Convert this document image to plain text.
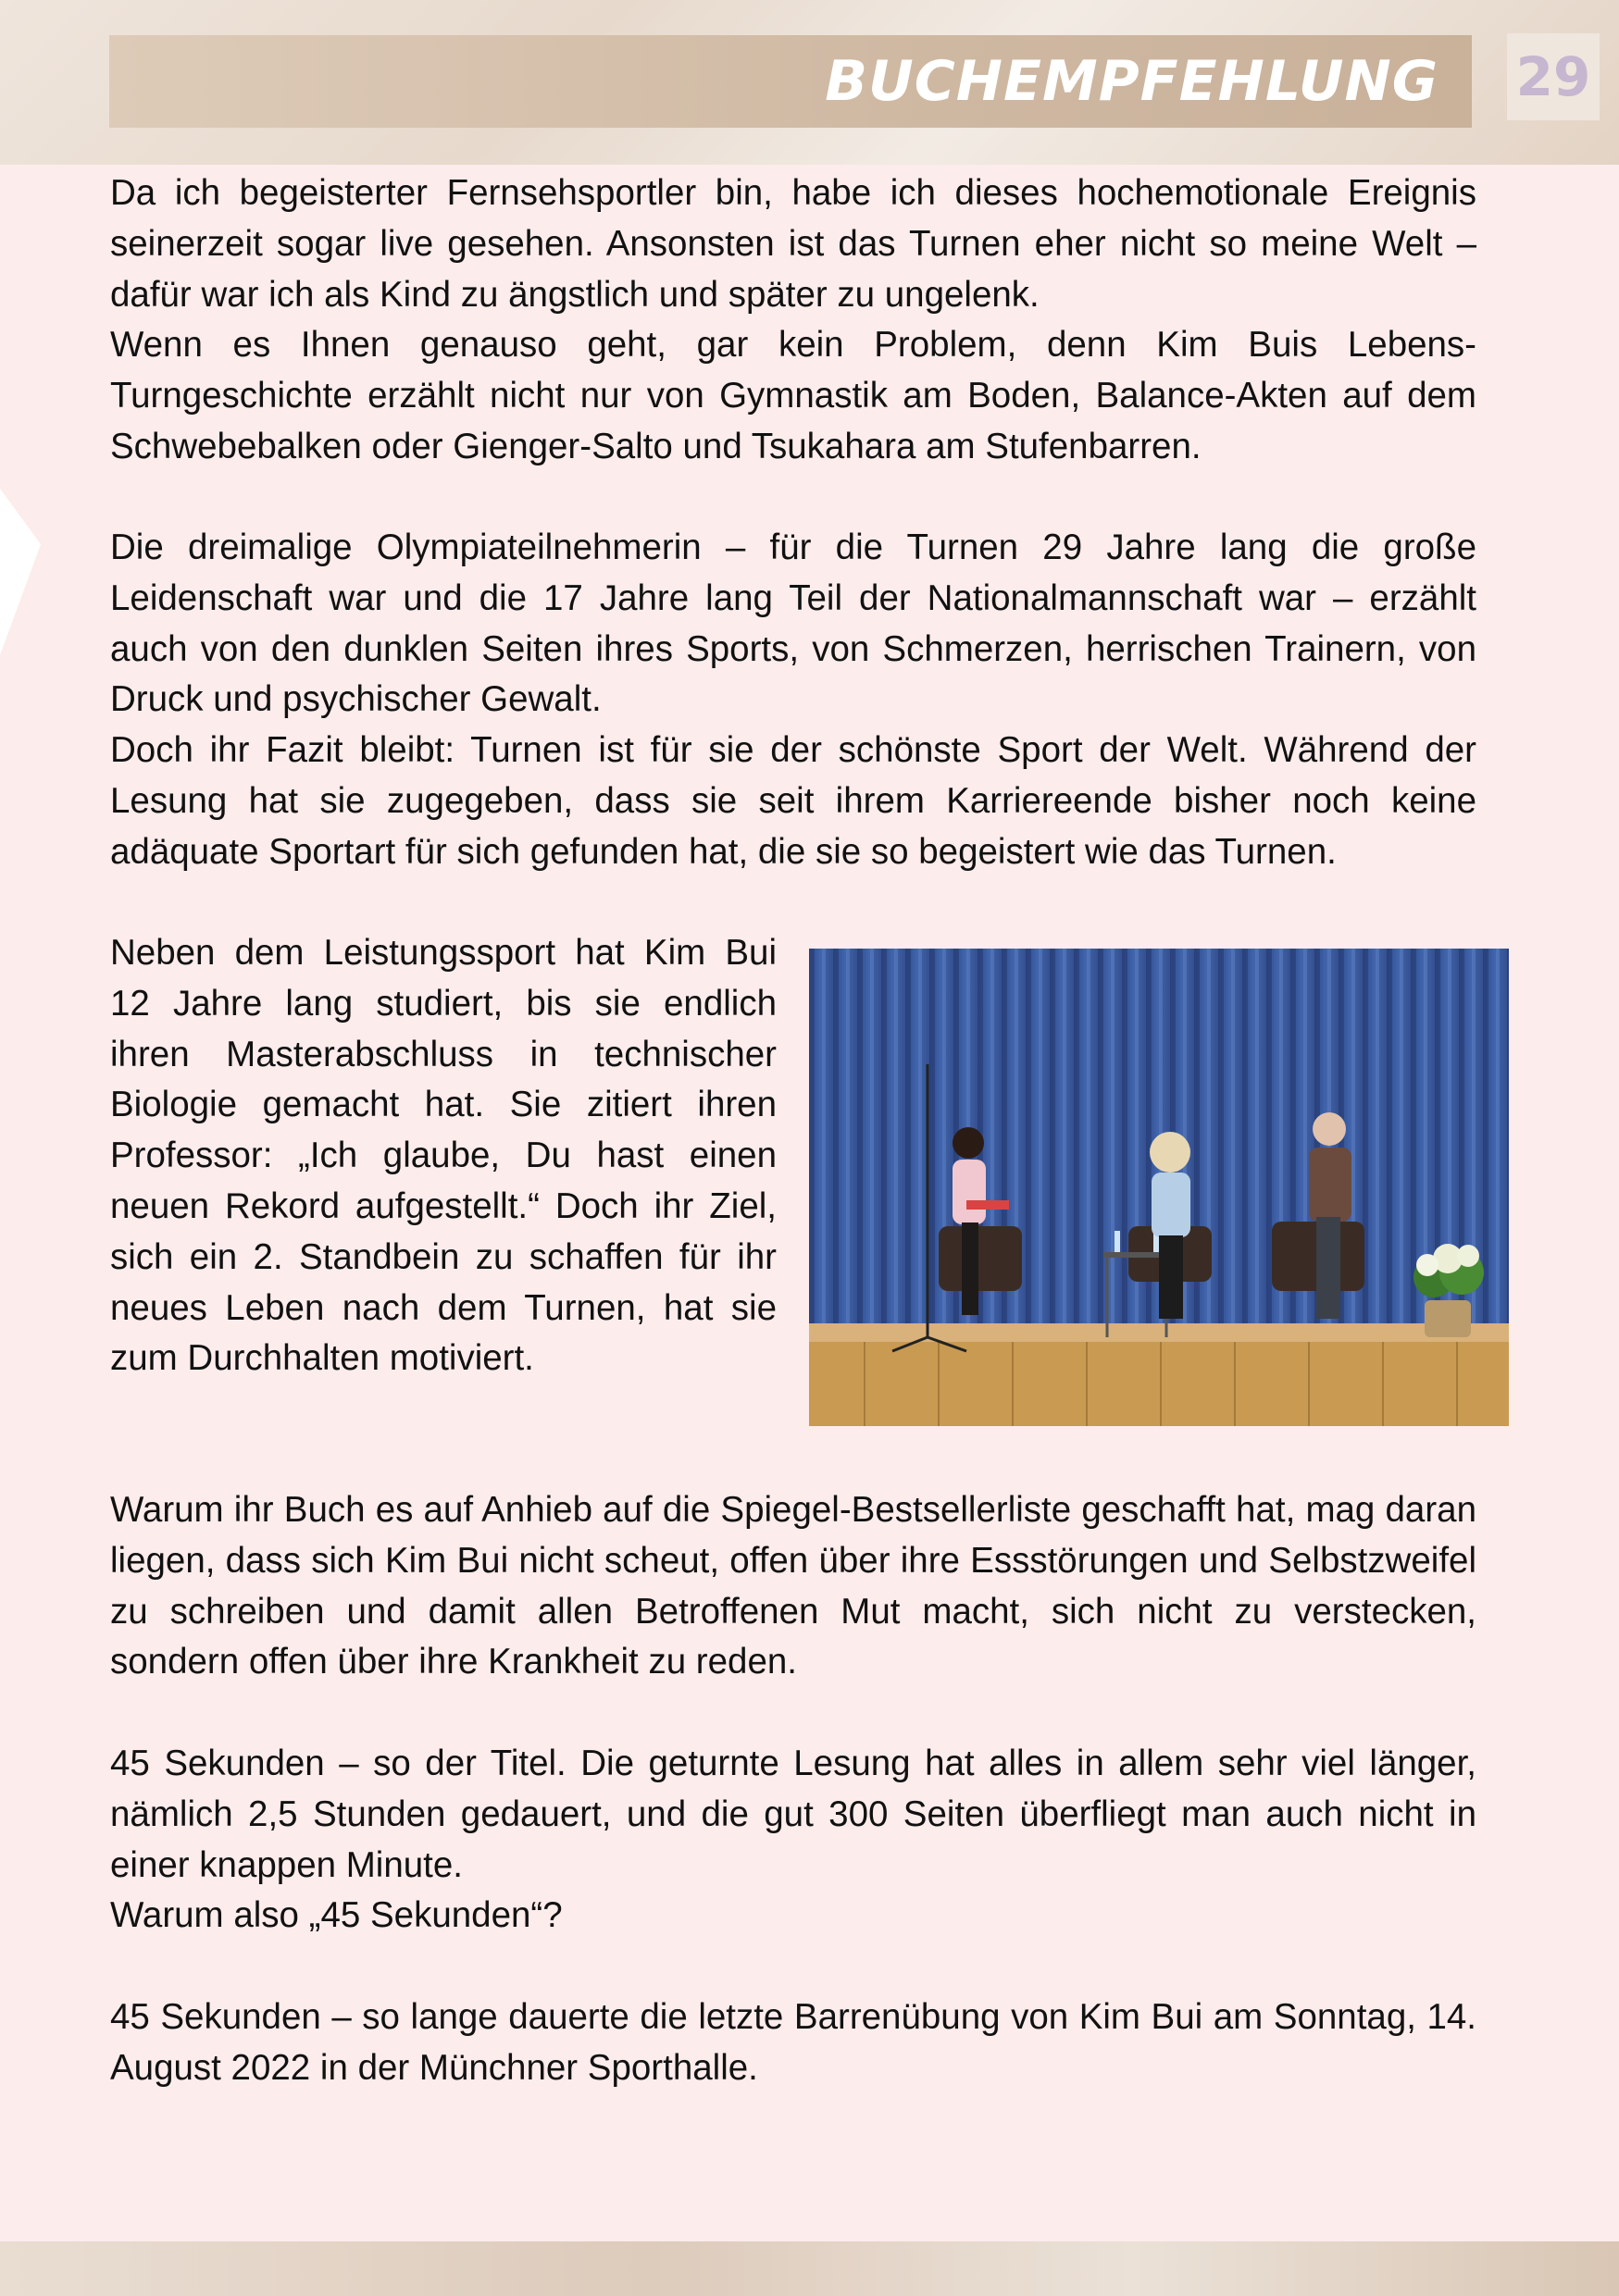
BUCHEMPFEHLUNG 29

Da ich begeisterter Fernsehsportler bin, habe ich dieses hochemotionale Ereignis seinerzeit sogar live gesehen. Ansonsten ist das Turnen eher nicht so meine Welt – dafür war ich als Kind zu ängstlich und später zu ungelenk.

Wenn es Ihnen genauso geht, gar kein Problem, denn Kim Buis Lebens-Turngeschichte erzählt nicht nur von Gymnastik am Boden, Balance-Akten auf dem Schwebebalken oder Gienger-Salto und Tsukahara am Stufenbarren.

Die dreimalige Olympiateilnehmerin – für die Turnen 29 Jahre lang die große Leidenschaft war und die 17 Jahre lang Teil der Nationalmannschaft war – erzählt auch von den dunklen Seiten ihres Sports, von Schmerzen, herrischen Trainern, von Druck und psychischer Gewalt.

Doch ihr Fazit bleibt: Turnen ist für sie der schönste Sport der Welt. Während der Lesung hat sie zugegeben, dass sie seit ihrem Karriereende bisher noch keine adäquate Sportart für sich gefunden hat, die sie so begeistert wie das Turnen.

Neben dem Leistungssport hat Kim Bui 12 Jahre lang studiert, bis sie endlich ihren Masterabschluss in technischer Biologie gemacht hat. Sie zitiert ihren Professor: „Ich glaube, Du hast einen neuen Rekord aufgestellt.“ Doch ihr Ziel, sich ein 2. Standbein zu schaffen für ihr neues Leben nach dem Turnen, hat sie zum Durchhalten motiviert.

Warum ihr Buch es auf Anhieb auf die Spiegel-Bestsellerliste geschafft hat, mag daran liegen, dass sich Kim Bui nicht scheut, offen über ihre Essstörungen und Selbstzweifel zu schreiben und damit allen Betroffenen Mut macht, sich nicht zu verstecken, sondern offen über ihre Krankheit zu reden.

45 Sekunden – so der Titel. Die geturnte Lesung hat alles in allem sehr viel länger, nämlich 2,5 Stunden gedauert, und die gut 300 Seiten überfliegt man auch nicht in einer knappen Minute.

Warum also „45 Sekunden“?

45 Sekunden – so lange dauerte die letzte Barrenübung von Kim Bui am Sonntag, 14. August 2022 in der Münchner Sporthalle.
